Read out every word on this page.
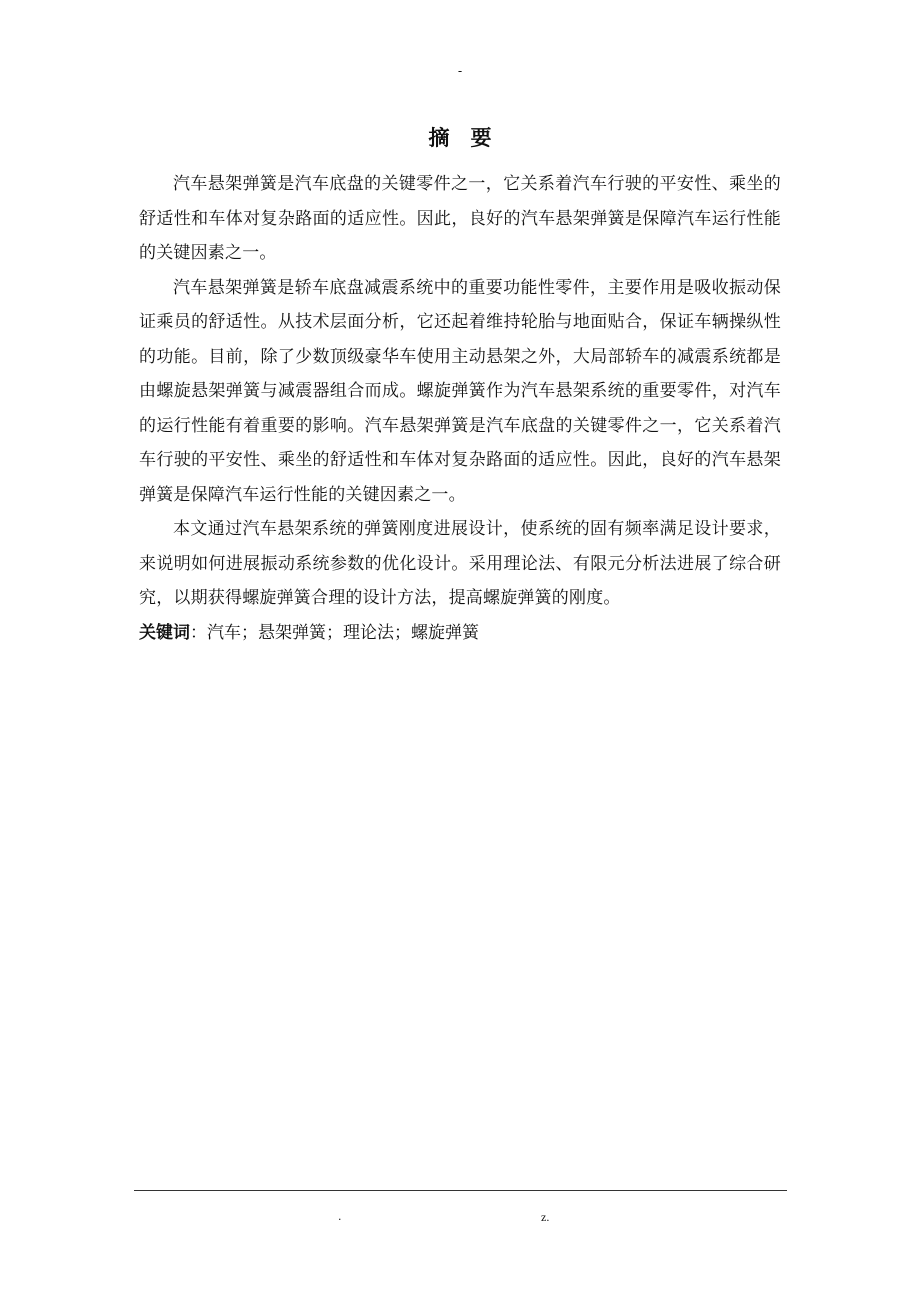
-
摘要

汽车悬架弹簧是汽车底盘的关键零件之一，它关系着汽车行驶的平安性、乘坐的舒适性和车体对复杂路面的适应性。因此，良好的汽车悬架弹簧是保障汽车运行性能的关键因素之一。

汽车悬架弹簧是轿车底盘减震系统中的重要功能性零件，主要作用是吸收振动保证乘员的舒适性。从技术层面分析，它还起着维持轮胎与地面贴合，保证车辆操纵性的功能。目前，除了少数顶级豪华车使用主动悬架之外，大局部轿车的减震系统都是由螺旋悬架弹簧与减震器组合而成。螺旋弹簧作为汽车悬架系统的重要零件，对汽车的运行性能有着重要的影响。汽车悬架弹簧是汽车底盘的关键零件之一，它关系着汽车行驶的平安性、乘坐的舒适性和车体对复杂路面的适应性。因此，良好的汽车悬架弹簧是保障汽车运行性能的关键因素之一。

本文通过汽车悬架系统的弹簧刚度进展设计，使系统的固有频率满足设计要求，来说明如何进展振动系统参数的优化设计。采用理论法、有限元分析法进展了综合研究，以期获得螺旋弹簧合理的设计方法，提高螺旋弹簧的刚度。

关键词：汽车；悬架弹簧；理论法；螺旋弹簧

.	z.
